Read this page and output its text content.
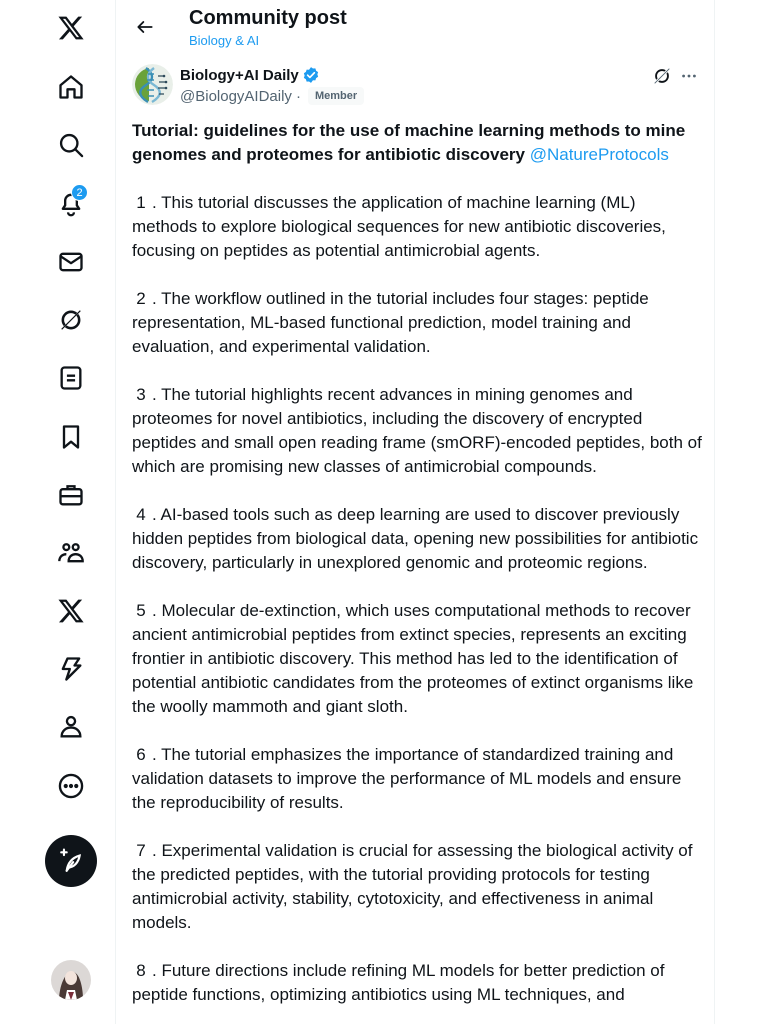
2
Community post
Biology & AI
Biology+AI Daily
@BiologyAIDaily ·	Member
Tutorial: guidelines for the use of machine learning methods to mine genomes and proteomes for antibiotic discovery @NatureProtocols
1 . This tutorial discusses the application of machine learning (ML) methods to explore biological sequences for new antibiotic discoveries, focusing on peptides as potential antimicrobial agents.
2 . The workflow outlined in the tutorial includes four stages: peptide representation, ML-based functional prediction, model training and evaluation, and experimental validation.
3 . The tutorial highlights recent advances in mining genomes and proteomes for novel antibiotics, including the discovery of encrypted peptides and small open reading frame (smORF)-encoded peptides, both of which are promising new classes of antimicrobial compounds.
4 . AI-based tools such as deep learning are used to discover previously hidden peptides from biological data, opening new possibilities for antibiotic discovery, particularly in unexplored genomic and proteomic regions.
5 . Molecular de-extinction, which uses computational methods to recover ancient antimicrobial peptides from extinct species, represents an exciting frontier in antibiotic discovery. This method has led to the identification of potential antibiotic candidates from the proteomes of extinct organisms like the woolly mammoth and giant sloth.
6 . The tutorial emphasizes the importance of standardized training and validation datasets to improve the performance of ML models and ensure the reproducibility of results.
7 . Experimental validation is crucial for assessing the biological activity of the predicted peptides, with the tutorial providing protocols for testing antimicrobial activity, stability, cytotoxicity, and effectiveness in animal models.
8 . Future directions include refining ML models for better prediction of peptide functions, optimizing antibiotics using ML techniques, and
